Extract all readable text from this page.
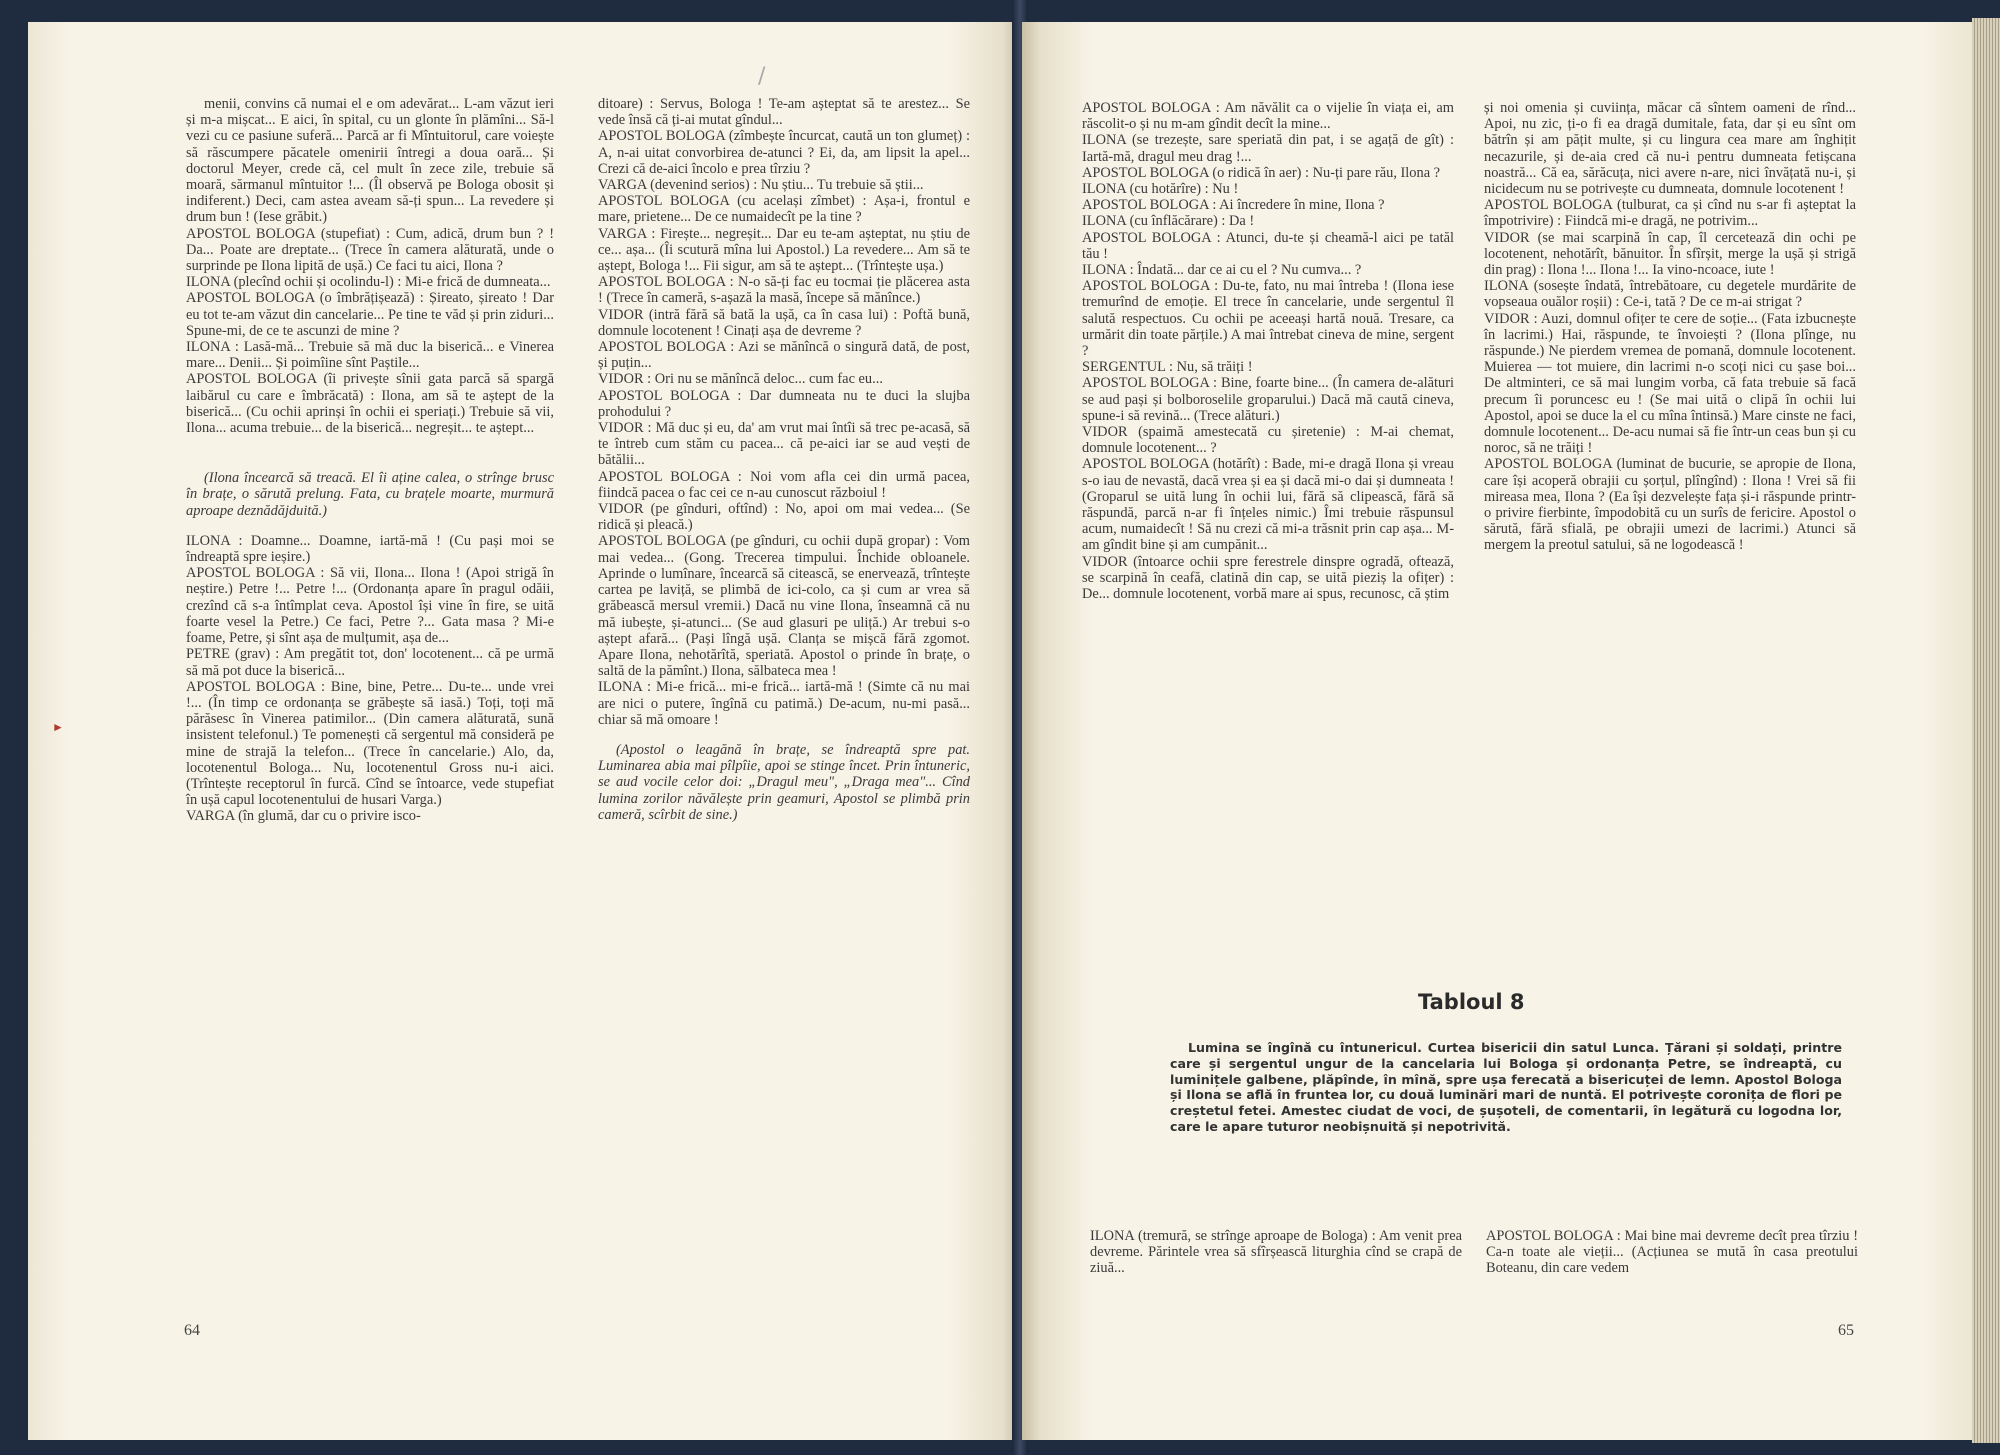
►
/

menii, convins că numai el e om adevărat... L-am văzut ieri și m-a mișcat... E aici, în spital, cu un glonte în plămîni... Să-l vezi cu ce pasiune suferă... Parcă ar fi Mîntuitorul, care voiește să răscumpere păcatele omenirii întregi a doua oară... Și doctorul Meyer, crede că, cel mult în zece zile, trebuie să moară, sărmanul mîntuitor !... (Îl observă pe Bologa obosit și indiferent.) Deci, cam astea aveam să-ți spun... La revedere și drum bun ! (Iese grăbit.)

APOSTOL BOLOGA (stupefiat) : Cum, adică, drum bun ? ! Da... Poate are dreptate... (Trece în camera alăturată, unde o surprinde pe Ilona lipită de ușă.) Ce faci tu aici, Ilona ?

ILONA (plecînd ochii și ocolindu-l) : Mi-e frică de dumneata...

APOSTOL BOLOGA (o îmbrățișează) : Șireato, șireato ! Dar eu tot te-am văzut din cancelarie... Pe tine te văd și prin ziduri... Spune-mi, de ce te ascunzi de mine ?

ILONA : Lasă-mă... Trebuie să mă duc la biserică... e Vinerea mare... Denii... Și poimîine sînt Paștile...

APOSTOL BOLOGA (îi privește sînii gata parcă să spargă laibărul cu care e îmbrăcată) : Ilona, am să te aștept de la biserică... (Cu ochii aprinși în ochii ei speriați.) Trebuie să vii, Ilona... acuma trebuie... de la biserică... negreșit... te aștept...

(Ilona încearcă să treacă. El îi aține calea, o strînge brusc în brațe, o sărută prelung. Fata, cu brațele moarte, murmură aproape deznădăjduită.)

ILONA : Doamne... Doamne, iartă-mă ! (Cu pași moi se îndreaptă spre ieșire.)

APOSTOL BOLOGA : Să vii, Ilona... Ilona ! (Apoi strigă în neștire.) Petre !... Petre !... (Ordonanța apare în pragul odăii, crezînd că s-a întîmplat ceva. Apostol își vine în fire, se uită foarte vesel la Petre.) Ce faci, Petre ?... Gata masa ? Mi-e foame, Petre, și sînt așa de mulțumit, așa de...

PETRE (grav) : Am pregătit tot, don' locotenent... că pe urmă să mă pot duce la biserică...

APOSTOL BOLOGA : Bine, bine, Petre... Du-te... unde vrei !... (În timp ce ordonanța se grăbește să iasă.) Toți, toți mă părăsesc în Vinerea patimilor... (Din camera alăturată, sună insistent telefonul.) Te pomenești că sergentul mă consideră pe mine de strajă la telefon... (Trece în cancelarie.) Alo, da, locotenentul Bologa... Nu, locotenentul Gross nu-i aici. (Trîntește receptorul în furcă. Cînd se întoarce, vede stupefiat în ușă capul locotenentului de husari Varga.)

VARGA (în glumă, dar cu o privire isco-

ditoare) : Servus, Bologa ! Te-am așteptat să te arestez... Se vede însă că ți-ai mutat gîndul...

APOSTOL BOLOGA (zîmbește încurcat, caută un ton glumeț) : A, n-ai uitat convorbirea de-atunci ? Ei, da, am lipsit la apel... Crezi că de-aici încolo e prea tîrziu ?

VARGA (devenind serios) : Nu știu... Tu trebuie să știi...

APOSTOL BOLOGA (cu același zîmbet) : Așa-i, frontul e mare, prietene... De ce numaidecît pe la tine ?

VARGA : Firește... negreșit... Dar eu te-am așteptat, nu știu de ce... așa... (Îi scutură mîna lui Apostol.) La revedere... Am să te aștept, Bologa !... Fii sigur, am să te aștept... (Trîntește ușa.)

APOSTOL BOLOGA : N-o să-ți fac eu tocmai ție plăcerea asta ! (Trece în cameră, s-așază la masă, începe să mănînce.)

VIDOR (intră fără să bată la ușă, ca în casa lui) : Poftă bună, domnule locotenent ! Cinați așa de devreme ?

APOSTOL BOLOGA : Azi se mănîncă o singură dată, de post, și puțin...

VIDOR : Ori nu se mănîncă deloc... cum fac eu...

APOSTOL BOLOGA : Dar dumneata nu te duci la slujba prohodului ?

VIDOR : Mă duc și eu, da' am vrut mai întîi să trec pe-acasă, să te întreb cum stăm cu pacea... că pe-aici iar se aud vești de bătălii...

APOSTOL BOLOGA : Noi vom afla cei din urmă pacea, fiindcă pacea o fac cei ce n-au cunoscut războiul !

VIDOR (pe gînduri, oftînd) : No, apoi om mai vedea... (Se ridică și pleacă.)

APOSTOL BOLOGA (pe gînduri, cu ochii după gropar) : Vom mai vedea... (Gong. Trecerea timpului. Închide obloanele. Aprinde o lumînare, încearcă să citească, se enervează, trîntește cartea pe laviță, se plimbă de ici-colo, ca și cum ar vrea să grăbească mersul vremii.) Dacă nu vine Ilona, înseamnă că nu mă iubește, și-atunci... (Se aud glasuri pe uliță.) Ar trebui s-o aștept afară... (Pași lîngă ușă. Clanța se mișcă fără zgomot. Apare Ilona, nehotărîtă, speriată. Apostol o prinde în brațe, o saltă de la pămînt.) Ilona, sălbateca mea !

ILONA : Mi-e frică... mi-e frică... iartă-mă ! (Simte că nu mai are nici o putere, îngînă cu patimă.) De-acum, nu-mi pasă... chiar să mă omoare !

(Apostol o leagănă în brațe, se îndreaptă spre pat. Luminarea abia mai pîlpîie, apoi se stinge încet. Prin întuneric, se aud vocile celor doi: „Dragul meu", „Draga mea"... Cînd lumina zorilor năvălește prin geamuri, Apostol se plimbă prin cameră, scîrbit de sine.)

64

APOSTOL BOLOGA : Am năvălit ca o vijelie în viața ei, am răscolit-o și nu m-am gîndit decît la mine...

ILONA (se trezește, sare speriată din pat, i se agață de gît) : Iartă-mă, dragul meu drag !...

APOSTOL BOLOGA (o ridică în aer) : Nu-ți pare rău, Ilona ?

ILONA (cu hotărîre) : Nu !

APOSTOL BOLOGA : Ai încredere în mine, Ilona ?

ILONA (cu înflăcărare) : Da !

APOSTOL BOLOGA : Atunci, du-te și cheamă-l aici pe tatăl tău !

ILONA : Îndată... dar ce ai cu el ? Nu cumva... ?

APOSTOL BOLOGA : Du-te, fato, nu mai întreba ! (Ilona iese tremurînd de emoție. El trece în cancelarie, unde sergentul îl salută respectuos. Cu ochii pe aceeași hartă nouă. Tresare, ca urmărit din toate părțile.) A mai întrebat cineva de mine, sergent ?

SERGENTUL : Nu, să trăiți !

APOSTOL BOLOGA : Bine, foarte bine... (În camera de-alături se aud pași și bolboroselile groparului.) Dacă mă caută cineva, spune-i să revină... (Trece alături.)

VIDOR (spaimă amestecată cu șiretenie) : M-ai chemat, domnule locotenent... ?

APOSTOL BOLOGA (hotărît) : Bade, mi-e dragă Ilona și vreau s-o iau de nevastă, dacă vrea și ea și dacă mi-o dai și dumneata ! (Groparul se uită lung în ochii lui, fără să clipească, fără să răspundă, parcă n-ar fi înțeles nimic.) Îmi trebuie răspunsul acum, numaidecît ! Să nu crezi că mi-a trăsnit prin cap așa... M-am gîndit bine și am cumpănit...

VIDOR (întoarce ochii spre ferestrele dinspre ogradă, oftează, se scarpină în ceafă, clatină din cap, se uită pieziș la ofițer) : De... domnule locotenent, vorbă mare ai spus, recunosc, că știm

și noi omenia și cuviința, măcar că sîntem oameni de rînd... Apoi, nu zic, ți-o fi ea dragă dumitale, fata, dar și eu sînt om bătrîn și am pățit multe, și cu lingura cea mare am înghițit necazurile, și de-aia cred că nu-i pentru dumneata fetișcana noastră... Că ea, sărăcuța, nici avere n-are, nici învățată nu-i, și nicidecum nu se potrivește cu dumneata, domnule locotenent !

APOSTOL BOLOGA (tulburat, ca și cînd nu s-ar fi așteptat la împotrivire) : Fiindcă mi-e dragă, ne potrivim...

VIDOR (se mai scarpină în cap, îl cercetează din ochi pe locotenent, nehotărît, bănuitor. În sfîrșit, merge la ușă și strigă din prag) : Ilona !... Ilona !... Ia vino-ncoace, iute !

ILONA (sosește îndată, întrebătoare, cu degetele murdărite de vopseaua ouălor roșii) : Ce-i, tată ? De ce m-ai strigat ?

VIDOR : Auzi, domnul ofițer te cere de soție... (Fata izbucnește în lacrimi.) Hai, răspunde, te învoiești ? (Ilona plînge, nu răspunde.) Ne pierdem vremea de pomană, domnule locotenent. Muierea — tot muiere, din lacrimi n-o scoți nici cu șase boi... De altminteri, ce să mai lungim vorba, că fata trebuie să facă precum îi poruncesc eu ! (Se mai uită o clipă în ochii lui Apostol, apoi se duce la el cu mîna întinsă.) Mare cinste ne faci, domnule locotenent... De-acu numai să fie într-un ceas bun și cu noroc, să ne trăiți !

APOSTOL BOLOGA (luminat de bucurie, se apropie de Ilona, care își acoperă obrajii cu șorțul, plîngînd) : Ilona ! Vrei să fii mireasa mea, Ilona ? (Ea își dezvelește fața și-i răspunde printr-o privire fierbinte, împodobită cu un surîs de fericire. Apostol o sărută, fără sfială, pe obrajii umezi de lacrimi.) Atunci să mergem la preotul satului, să ne logodească !

Tabloul 8
Lumina se îngînă cu întunericul. Curtea bisericii din satul Lunca. Țărani și soldați, printre care și sergentul ungur de la cancelaria lui Bologa și ordonanța Petre, se îndreaptă, cu luminițele galbene, plăpînde, în mînă, spre ușa ferecată a bisericuței de lemn. Apostol Bologa și Ilona se află în fruntea lor, cu două luminări mari de nuntă. El potrivește coronița de flori pe creștetul fetei. Amestec ciudat de voci, de șușoteli, de comentarii, în legătură cu logodna lor, care le apare tuturor neobișnuită și nepotrivită.

ILONA (tremură, se strînge aproape de Bologa) : Am venit prea devreme. Părintele vrea să sfîrșească liturghia cînd se crapă de ziuă...

APOSTOL BOLOGA : Mai bine mai devreme decît prea tîrziu ! Ca-n toate ale vieții... (Acțiunea se mută în casa preotului Boteanu, din care vedem

65
